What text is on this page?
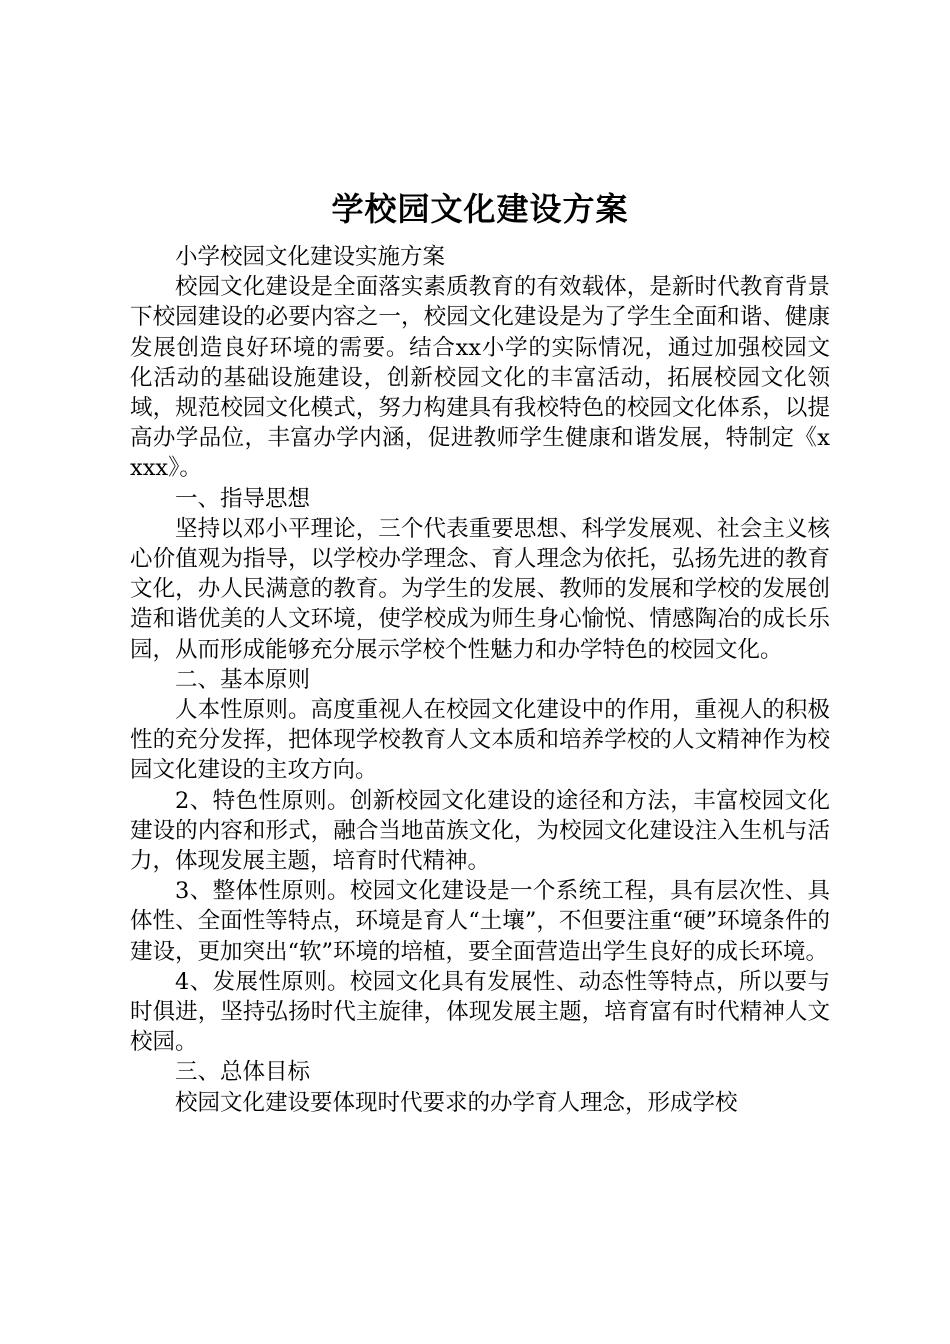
学校园文化建设方案

小学校园文化建设实施方案

校园文化建设是全面落实素质教育的有效载体，是新时代教育背景下校园建设的必要内容之一，校园文化建设是为了学生全面和谐、健康发展创造良好环境的需要。结合xx小学的实际情况，通过加强校园文化活动的基础设施建设，创新校园文化的丰富活动，拓展校园文化领域，规范校园文化模式，努力构建具有我校特色的校园文化体系，以提高办学品位，丰富办学内涵，促进教师学生健康和谐发展，特制定《xxxx》。

一、指导思想

坚持以邓小平理论，三个代表重要思想、科学发展观、社会主义核心价值观为指导，以学校办学理念、育人理念为依托，弘扬先进的教育文化，办人民满意的教育。为学生的发展、教师的发展和学校的发展创造和谐优美的人文环境，使学校成为师生身心愉悦、情感陶冶的成长乐园，从而形成能够充分展示学校个性魅力和办学特色的校园文化。

二、基本原则

人本性原则。高度重视人在校园文化建设中的作用，重视人的积极性的充分发挥，把体现学校教育人文本质和培养学校的人文精神作为校园文化建设的主攻方向。

2、特色性原则。创新校园文化建设的途径和方法，丰富校园文化建设的内容和形式，融合当地苗族文化，为校园文化建设注入生机与活力，体现发展主题，培育时代精神。

3、整体性原则。校园文化建设是一个系统工程，具有层次性、具体性、全面性等特点，环境是育人“土壤”，不但要注重“硬”环境条件的建设，更加突出“软”环境的培植，要全面营造出学生良好的成长环境。

4、发展性原则。校园文化具有发展性、动态性等特点，所以要与时俱进，坚持弘扬时代主旋律，体现发展主题，培育富有时代精神人文校园。

三、总体目标

校园文化建设要体现时代要求的办学育人理念，形成学校
